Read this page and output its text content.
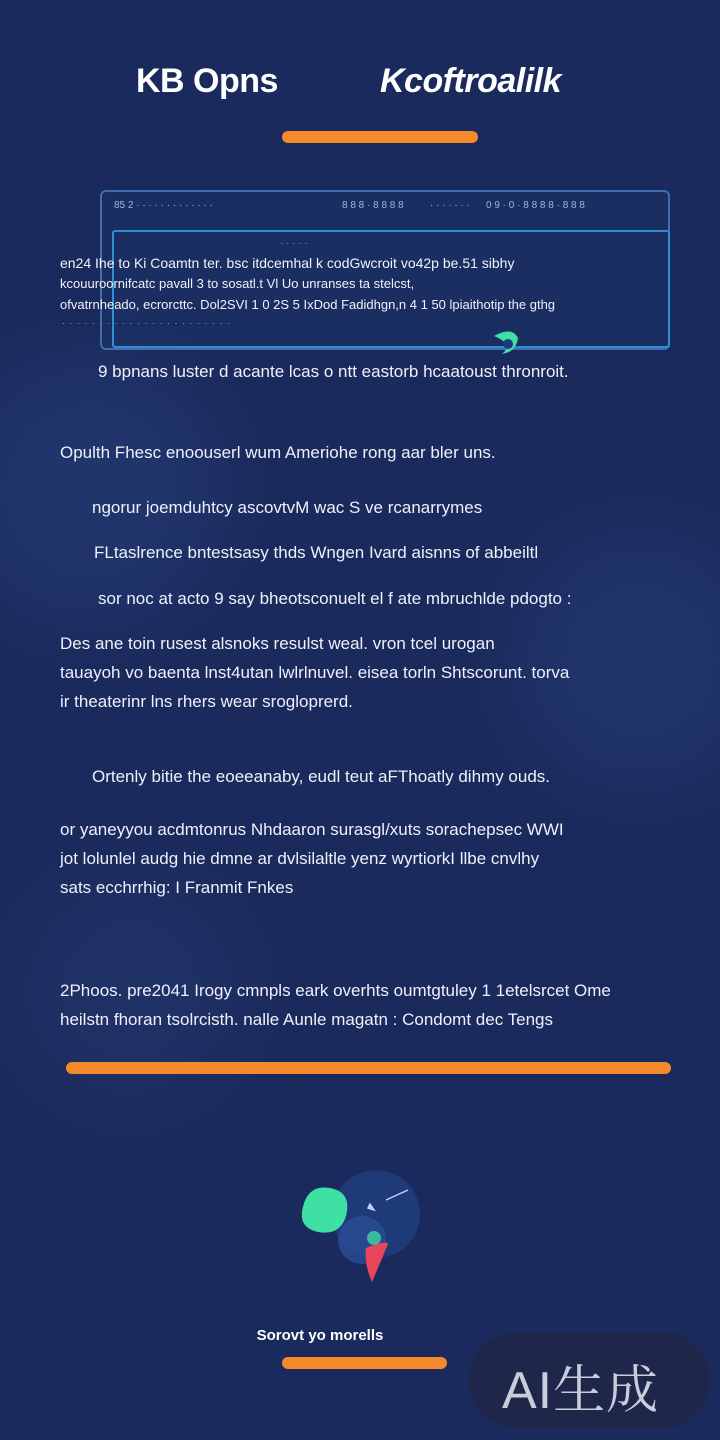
KB Opns	Kcoftroalilk
85 2 · · · · · · · · · · · · ·	8 8 8 · 8 8 8 8	· · · · · · · 0 9 · 0 · 8 8 8 8 · 8 8 8
· · · · ·
en24 Ihe to Ki Coamtn ter. bsc itdcemhal k codGwcroit vo42p be.51 sibhy
kcouuroornifcatc pavall 3 to sosatl.t Vl Uo unranses ta stelcst,
ofvatrnheado, ecrorcttc. Dol2SVI 1 0 2S 5 IxDod Fadidhgn,n 4 1 50 lpiaithotip the gthg
· · · · · · · · · · · · · · · · · · · · · · ·
9 bpnans luster d acante lcas o ntt eastorb hcaatoust thronroit.
Opulth Fhesc enoouserl wum Ameriohe rong aar bler uns.
ngorur joemduhtcy ascovtvM wac S ve rcanarrymes
FLtaslrence bntestsasy thds Wngen Ivard aisnns of abbeiltl
sor noc at acto 9 say bheotsconuelt el f ate mbruchlde pdogto :
Des ane toin rusest alsnoks resulst weal. vron tcel urogan
tauayoh vo baenta lnst4utan lwlrlnuvel. eisea torln Shtscorunt. torva
ir theaterinr lns rhers wear srogloprerd.
Ortenly bitie the eoeeanaby, eudl teut aFThoatly dihmy ouds.
or yaneyyou acdmtonrus Nhdaaron surasgl/xuts sorachepsec WWI
jot lolunlel audg hie dmne ar dvlsilaltle yenz wyrtiorkI llbe cnvlhy
sats ecchrrhig: I Franmit Fnkes
2Phoos. pre2041 Irogy cmnpls eark overhts oumtgtuley 1 1etelsrcet Ome
heilstn fhoran tsolrcisth. nalle Aunle magatn : Condomt dec Tengs
Sorovt yo morells
AI生成
